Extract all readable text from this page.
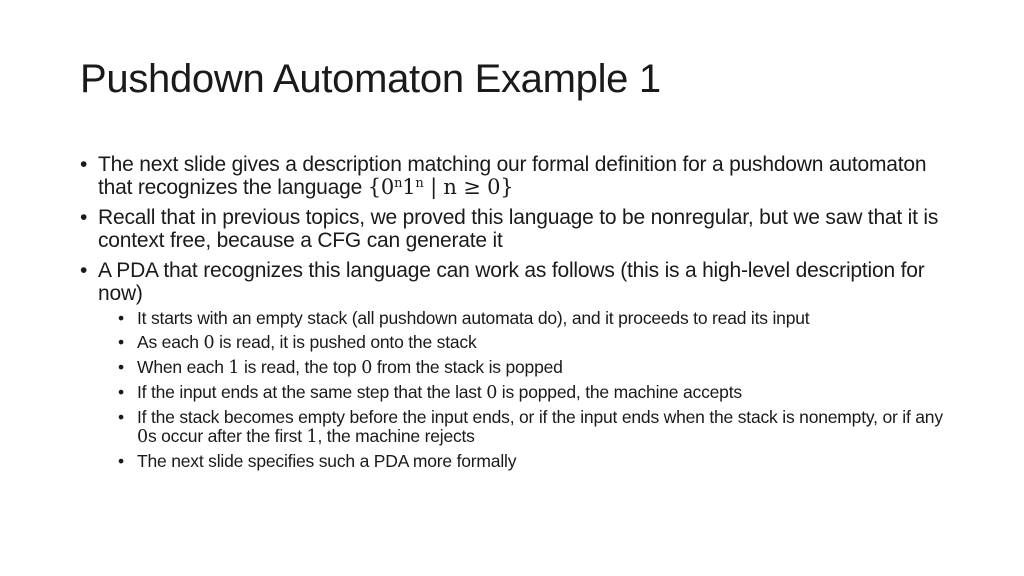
Pushdown Automaton Example 1
• The next slide gives a description matching our formal definition for a pushdown automaton that recognizes the language {0$^n$1$^n$ | n ≥ 0}
• Recall that in previous topics, we proved this language to be nonregular, but we saw that it is context free, because a CFG can generate it
• A PDA that recognizes this language can work as follows (this is a high-level description for now)
• It starts with an empty stack (all pushdown automata do), and it proceeds to read its input
• As each 0 is read, it is pushed onto the stack
• When each 1 is read, the top 0 from the stack is popped
• If the input ends at the same step that the last 0 is popped, the machine accepts
• If the stack becomes empty before the input ends, or if the input ends when the stack is nonempty, or if any 0s occur after the first 1, the machine rejects
• The next slide specifies such a PDA more formally
